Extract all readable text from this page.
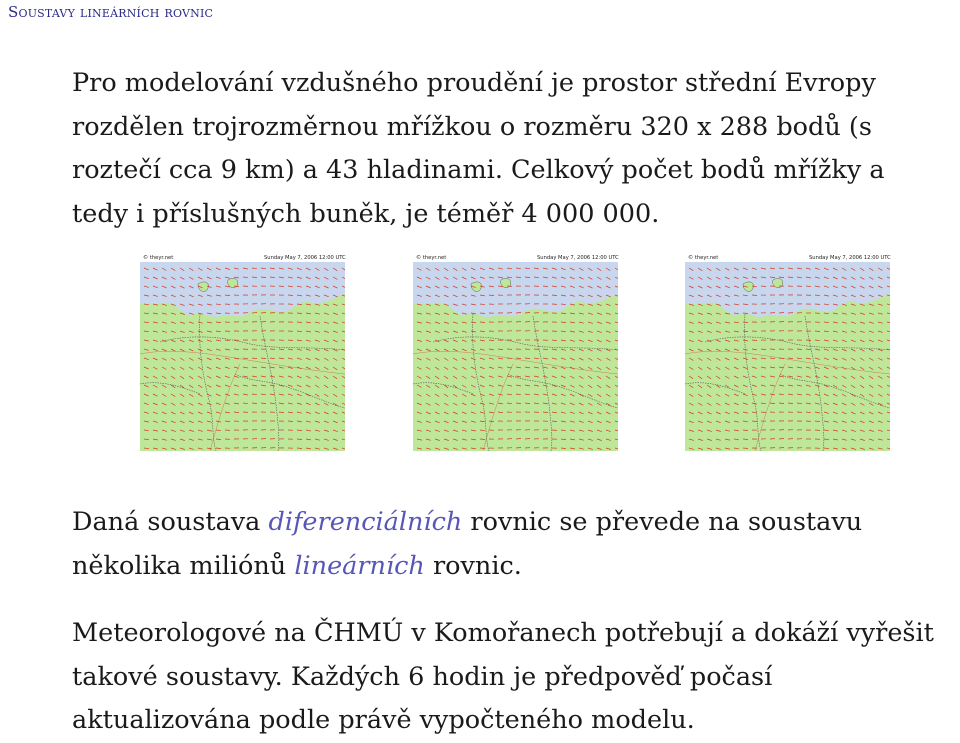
Soustavy lineárních rovnic

Pro modelování vzdušného proudění je prostor střední Evropy rozdělen trojrozměrnou mřížkou o rozměru 320 x 288 bodů (s roztečí cca 9 km) a 43 hladinami. Celkový počet bodů mřížky a tedy i příslušných buněk, je téměř 4 000 000.

© theyr.net	Sunday May 7, 2006 12:00 UTC	© theyr.net	Sunday May 7, 2006 12:00 UTC	© theyr.net	Sunday May 7, 2006 12:00 UTC

Daná soustava diferenciálních rovnic se převede na soustavu několika miliónů lineárních rovnic.

Meteorologové na ČHMÚ v Komořanech potřebují a dokáží vyřešit takové soustavy. Každých 6 hodin je předpověď počasí aktualizována podle právě vypočteného modelu.
